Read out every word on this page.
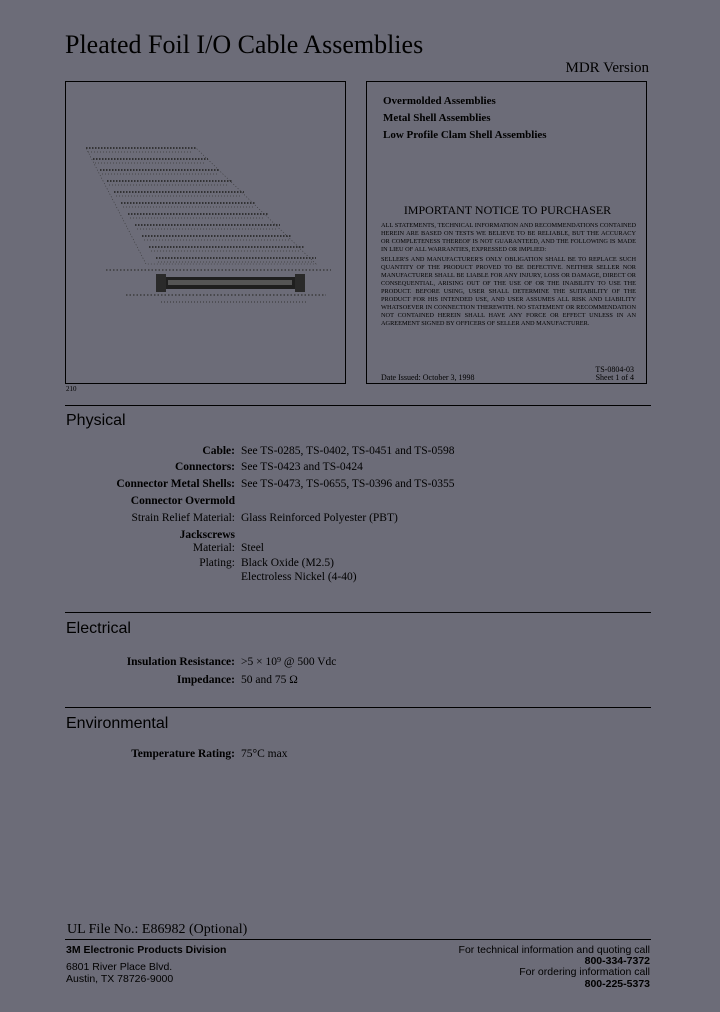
Pleated Foil I/O Cable Assemblies
MDR Version
210
Overmolded Assemblies
Metal Shell Assemblies
Low Profile Clam Shell Assemblies
IMPORTANT NOTICE TO PURCHASER

ALL STATEMENTS, TECHNICAL INFORMATION AND RECOMMENDATIONS CONTAINED HEREIN ARE BASED ON TESTS WE BELIEVE TO BE RELIABLE, BUT THE ACCURACY OR COMPLETENESS THEREOF IS NOT GUARANTEED, AND THE FOLLOWING IS MADE IN LIEU OF ALL WARRANTIES, EXPRESSED OR IMPLIED:

SELLER'S AND MANUFACTURER'S ONLY OBLIGATION SHALL BE TO REPLACE SUCH QUANTITY OF THE PRODUCT PROVED TO BE DEFECTIVE. NEITHER SELLER NOR MANUFACTURER SHALL BE LIABLE FOR ANY INJURY, LOSS OR DAMAGE, DIRECT OR CONSEQUENTIAL, ARISING OUT OF THE USE OF OR THE INABILITY TO USE THE PRODUCT. BEFORE USING, USER SHALL DETERMINE THE SUITABILITY OF THE PRODUCT FOR HIS INTENDED USE, AND USER ASSUMES ALL RISK AND LIABILITY WHATSOEVER IN CONNECTION THEREWITH. NO STATEMENT OR RECOMMENDATION NOT CONTAINED HEREIN SHALL HAVE ANY FORCE OR EFFECT UNLESS IN AN AGREEMENT SIGNED BY OFFICERS OF SELLER AND MANUFACTURER.

TS-0804-03
Date Issued: October 3, 1998	Sheet 1 of 4
Physical
Cable: See TS-0285, TS-0402, TS-0451 and TS-0598
Connectors: See TS-0423 and TS-0424
Connector Metal Shells: See TS-0473, TS-0655, TS-0396 and TS-0355
Connector Overmold
Strain Relief Material: Glass Reinforced Polyester (PBT)
Jackscrews
Material: Steel
Plating: Black Oxide (M2.5)
Electroless Nickel (4-40)
Electrical
Insulation Resistance: >5 × 10⁹ @ 500 Vdc
Impedance: 50 and 75 Ω
Environmental
Temperature Rating: 75°C max
UL File No.: E86982 (Optional)
3M Electronic Products Division
6801 River Place Blvd.
Austin, TX 78726-9000
For technical information and quoting call
800-334-7372
For ordering information call
800-225-5373
